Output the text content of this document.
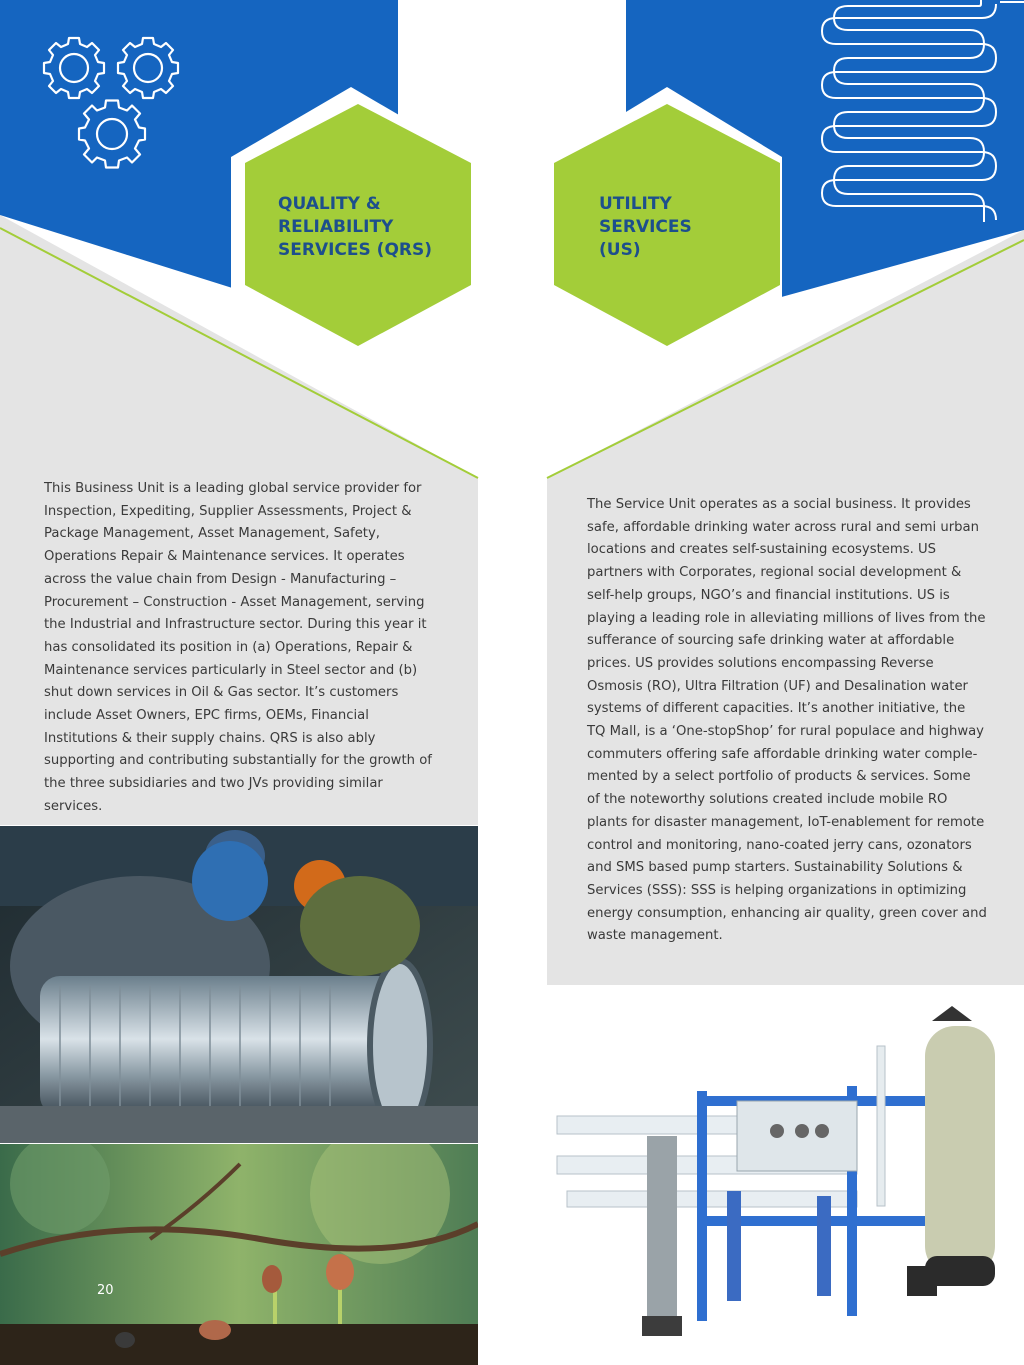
QUALITY &
RELIABILITY
SERVICES (QRS)
UTILITY
SERVICES
(US)

This Business Unit is a leading global service provider for Inspection, Expediting, Supplier Assessments, Project & Package Management, Asset Management, Safety, Operations Repair & Maintenance services. It operates across the value chain from Design - Manufacturing – Procurement – Construction - Asset Management, serving the Industrial and Infrastructure sector. During this year it has consolidated its position in (a) Operations, Repair & Maintenance services particularly in Steel sector and (b) shut down services in Oil & Gas sector. It’s customers include Asset Owners, EPC firms, OEMs, Financial Institutions & their supply chains. QRS is also ably supporting and contributing substantially for the growth of the three subsidiaries and two JVs providing similar services.

The Service Unit operates as a social business. It provides safe, affordable drinking water across rural and semi urban locations and creates self-sustaining ecosystems. US partners with Corporates, regional social development & self-help groups, NGO’s and financial institutions. US is playing a leading role in alleviating millions of lives from the sufferance of sourcing safe drinking water at affordable prices. US provides solutions encompassing Reverse Osmosis (RO), Ultra Filtration (UF) and Desalination water systems of different capacities. It’s another initiative, the TQ Mall, is a ‘One-stopShop’ for rural populace and highway commuters offering safe affordable drinking water comple-mented by a select portfolio of products & services. Some of the noteworthy solutions created include mobile RO plants for disaster management, IoT-enablement for remote control and monitoring, nano-coated jerry cans, ozonators and SMS based pump starters. Sustainability Solutions & Services (SSS): SSS is helping organizations in optimizing energy consumption, enhancing air quality, green cover and waste management.

20
